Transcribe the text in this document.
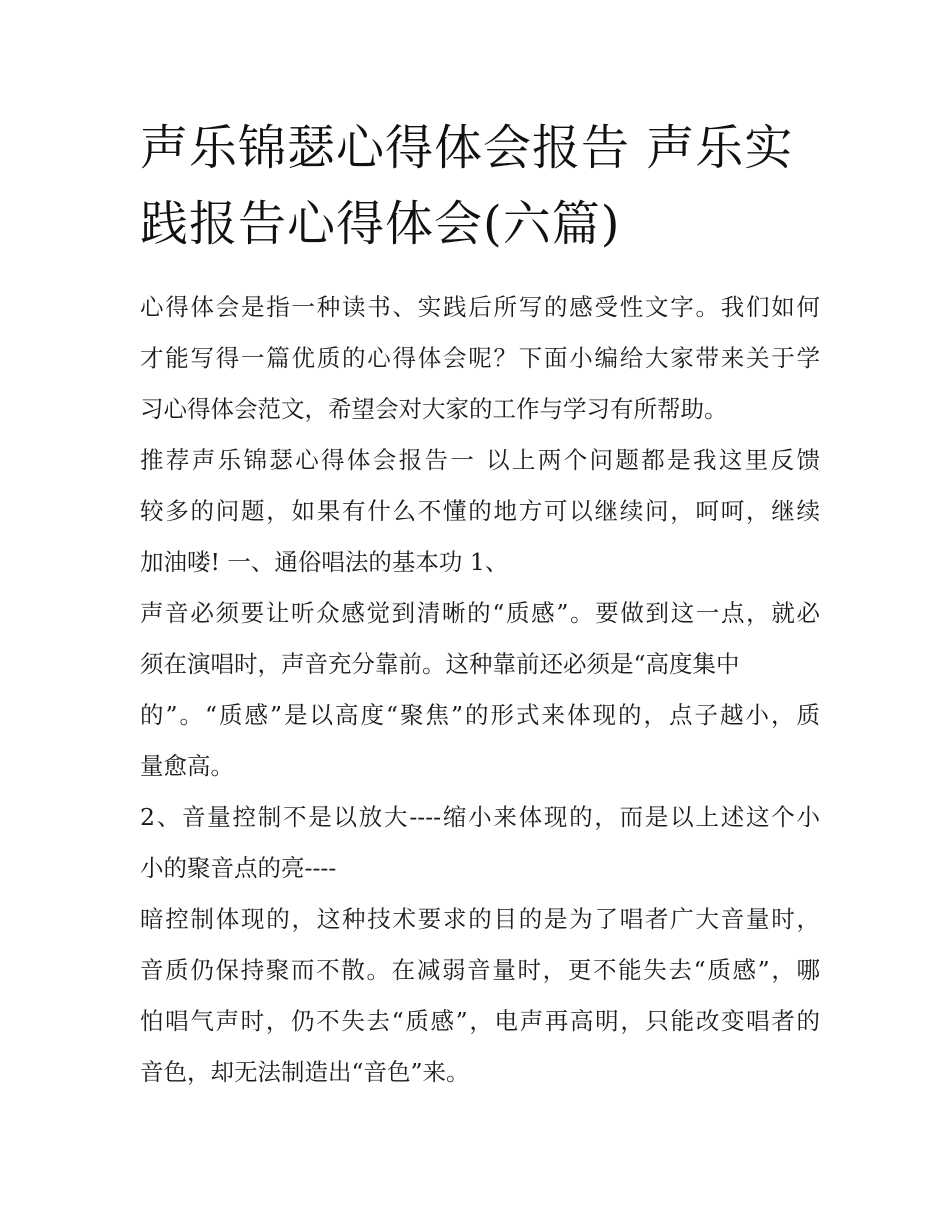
声乐锦瑟心得体会报告 声乐实
践报告心得体会(六篇)
心得体会是指一种读书、实践后所写的感受性文字。我们如何
才能写得一篇优质的心得体会呢？下面小编给大家带来关于学
习心得体会范文，希望会对大家的工作与学习有所帮助。
推荐声乐锦瑟心得体会报告一 以上两个问题都是我这里反馈
较多的问题，如果有什么不懂的地方可以继续问，呵呵，继续
加油喽! 一、通俗唱法的基本功 1、
声音必须要让听众感觉到清晰的“质感”。要做到这一点，就必
须在演唱时，声音充分靠前。这种靠前还必须是“高度集中
的”。“质感”是以高度“聚焦”的形式来体现的，点子越小，质
量愈高。
2、音量控制不是以放大----缩小来体现的，而是以上述这个小
小的聚音点的亮----
暗控制体现的，这种技术要求的目的是为了唱者广大音量时，
音质仍保持聚而不散。在减弱音量时，更不能失去“质感”，哪
怕唱气声时，仍不失去“质感”，电声再高明，只能改变唱者的
音色，却无法制造出“音色”来。
